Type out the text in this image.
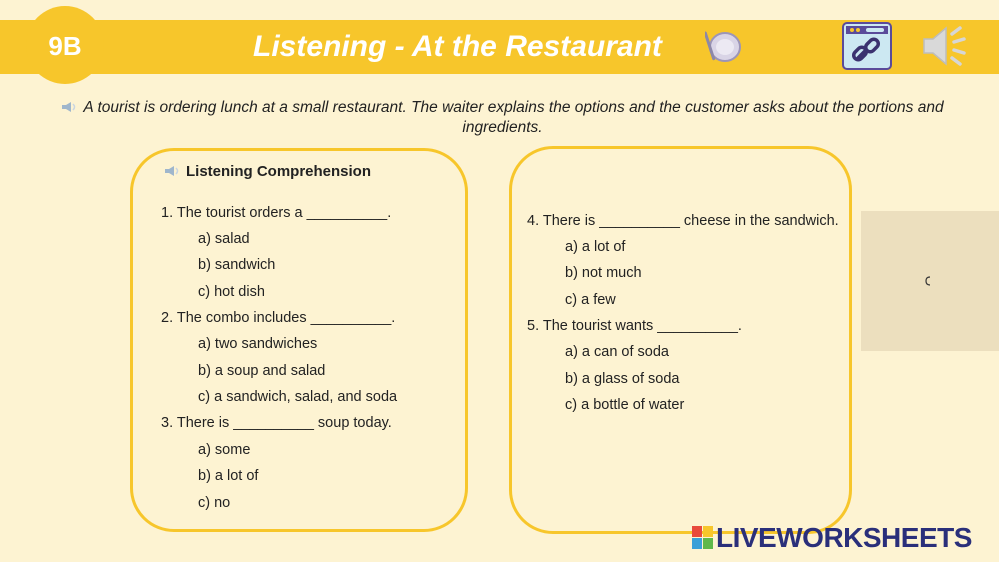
9B	Listening - At the Restaurant
A tourist is ordering lunch at a small restaurant. The waiter explains the options and the customer asks about the portions and ingredients.
Listening Comprehension
1. The tourist orders a __________.
a) salad
b) sandwich
c) hot dish
2. The combo includes __________.
a) two sandwiches
b) a soup and salad
c) a sandwich, salad, and soda
3. There is __________ soup today.
a) some
b) a lot of
c) no
4. There is __________ cheese in the sandwich.
a) a lot of
b) not much
c) a few
5. The tourist wants __________.
a) a can of soda
b) a glass of soda
c) a bottle of water
LIVEWORKSHEETS
